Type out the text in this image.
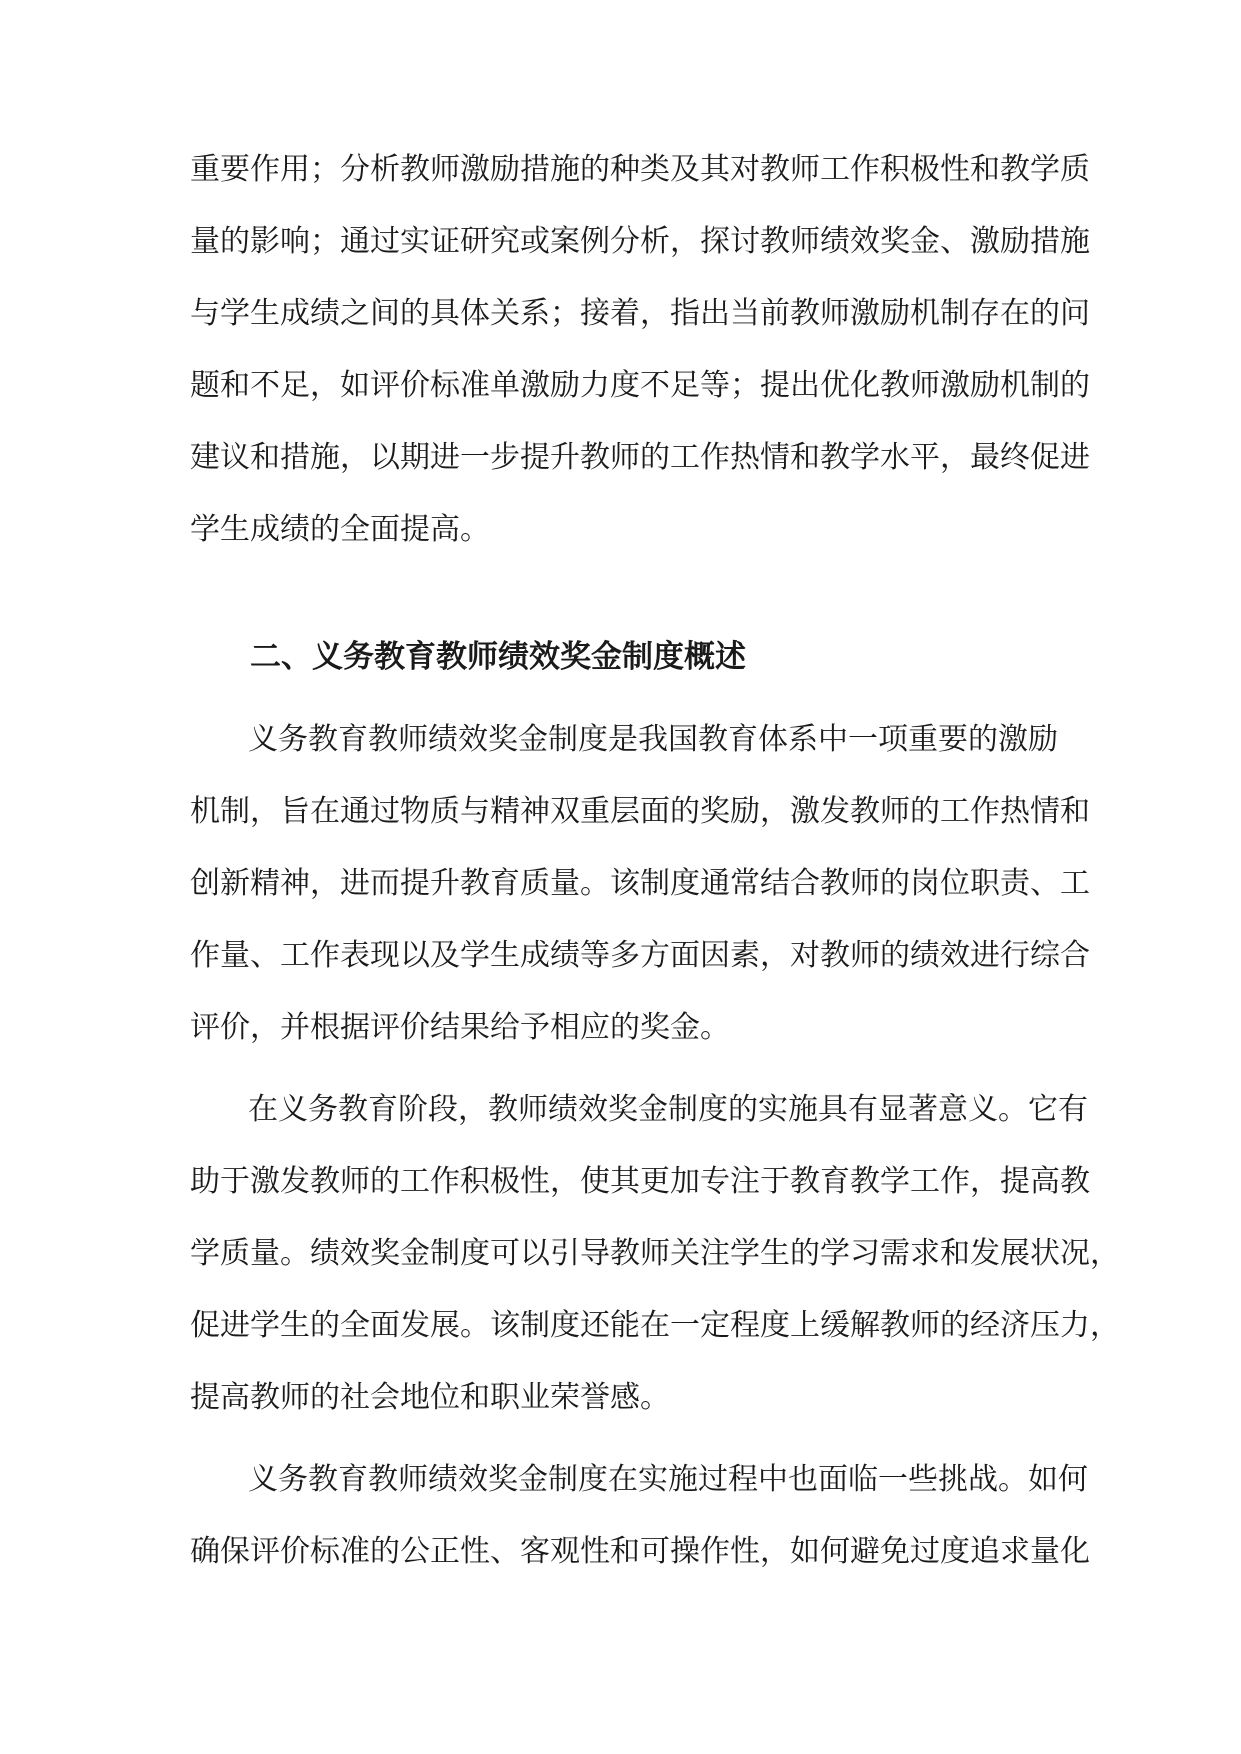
重要作用；分析教师激励措施的种类及其对教师工作积极性和教学质
量的影响；通过实证研究或案例分析，探讨教师绩效奖金、激励措施
与学生成绩之间的具体关系；接着，指出当前教师激励机制存在的问
题和不足，如评价标准单激励力度不足等；提出优化教师激励机制的
建议和措施，以期进一步提升教师的工作热情和教学水平，最终促进
学生成绩的全面提高。
二、义务教育教师绩效奖金制度概述
义务教育教师绩效奖金制度是我国教育体系中一项重要的激励
机制，旨在通过物质与精神双重层面的奖励，激发教师的工作热情和
创新精神，进而提升教育质量。该制度通常结合教师的岗位职责、工
作量、工作表现以及学生成绩等多方面因素，对教师的绩效进行综合
评价，并根据评价结果给予相应的奖金。
在义务教育阶段，教师绩效奖金制度的实施具有显著意义。它有
助于激发教师的工作积极性，使其更加专注于教育教学工作，提高教
学质量。绩效奖金制度可以引导教师关注学生的学习需求和发展状况，
促进学生的全面发展。该制度还能在一定程度上缓解教师的经济压力，
提高教师的社会地位和职业荣誉感。
义务教育教师绩效奖金制度在实施过程中也面临一些挑战。如何
确保评价标准的公正性、客观性和可操作性，如何避免过度追求量化
